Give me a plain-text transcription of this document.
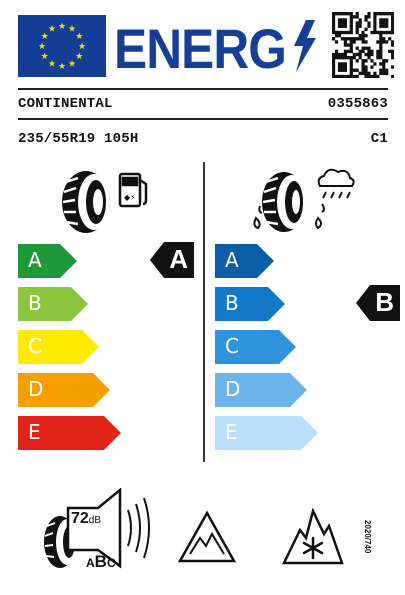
★ ★
★
★
★
★
★
★
★
★
★
★ ENERG
CONTINENTAL	0355863
235/55R19 105H	C1
◆⚡
A
B
C
D
E
A A
B
C
D
E
B
72dB
ABC
2020/740
